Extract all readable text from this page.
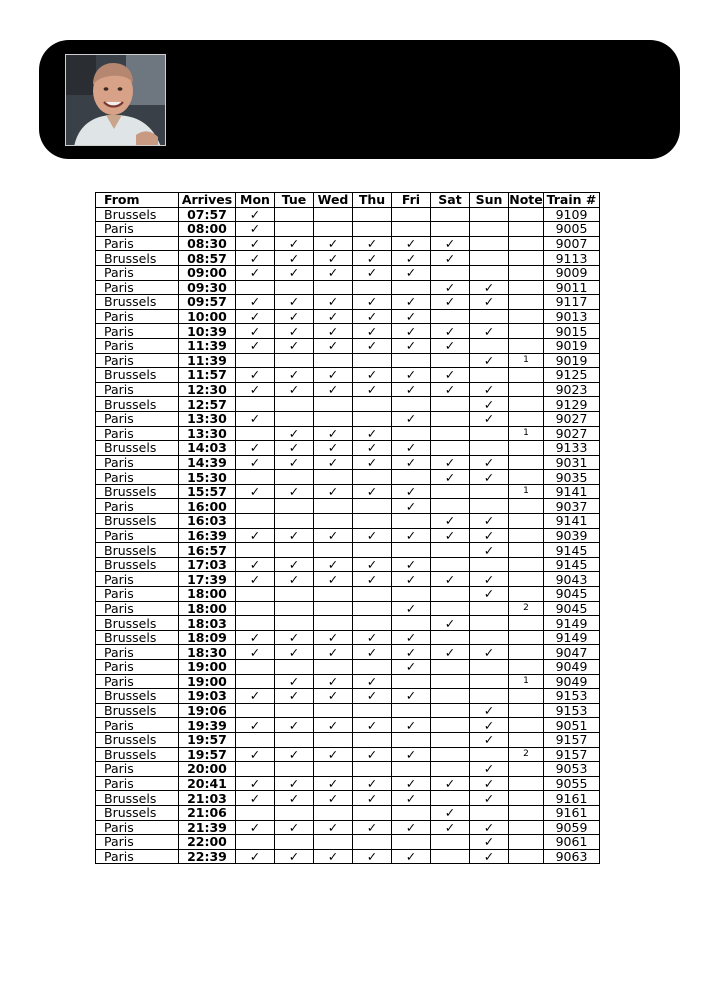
From	Arrives	Mon	Tue	Wed	Thu	Fri	Sat	Sun	Note	Train #
Brussels	07:57	✓								9109
Paris	08:00	✓								9005
Paris	08:30	✓	✓	✓	✓	✓	✓			9007
Brussels	08:57	✓	✓	✓	✓	✓	✓			9113
Paris	09:00	✓	✓	✓	✓	✓				9009
Paris	09:30						✓	✓		9011
Brussels	09:57	✓	✓	✓	✓	✓	✓	✓		9117
Paris	10:00	✓	✓	✓	✓	✓				9013
Paris	10:39	✓	✓	✓	✓	✓	✓	✓		9015
Paris	11:39	✓	✓	✓	✓	✓	✓			9019
Paris	11:39							✓	1	9019
Brussels	11:57	✓	✓	✓	✓	✓	✓			9125
Paris	12:30	✓	✓	✓	✓	✓	✓	✓		9023
Brussels	12:57							✓		9129
Paris	13:30	✓				✓		✓		9027
Paris	13:30		✓	✓	✓				1	9027
Brussels	14:03	✓	✓	✓	✓	✓				9133
Paris	14:39	✓	✓	✓	✓	✓	✓	✓		9031
Paris	15:30						✓	✓		9035
Brussels	15:57	✓	✓	✓	✓	✓			1	9141
Paris	16:00					✓				9037
Brussels	16:03						✓	✓		9141
Paris	16:39	✓	✓	✓	✓	✓	✓	✓		9039
Brussels	16:57							✓		9145
Brussels	17:03	✓	✓	✓	✓	✓				9145
Paris	17:39	✓	✓	✓	✓	✓	✓	✓		9043
Paris	18:00							✓		9045
Paris	18:00					✓			2	9045
Brussels	18:03						✓			9149
Brussels	18:09	✓	✓	✓	✓	✓				9149
Paris	18:30	✓	✓	✓	✓	✓	✓	✓		9047
Paris	19:00					✓				9049
Paris	19:00		✓	✓	✓				1	9049
Brussels	19:03	✓	✓	✓	✓	✓				9153
Brussels	19:06							✓		9153
Paris	19:39	✓	✓	✓	✓	✓		✓		9051
Brussels	19:57							✓		9157
Brussels	19:57	✓	✓	✓	✓	✓			2	9157
Paris	20:00							✓		9053
Paris	20:41	✓	✓	✓	✓	✓	✓	✓		9055
Brussels	21:03	✓	✓	✓	✓	✓		✓		9161
Brussels	21:06						✓			9161
Paris	21:39	✓	✓	✓	✓	✓	✓	✓		9059
Paris	22:00							✓		9061
Paris	22:39	✓	✓	✓	✓	✓		✓		9063
